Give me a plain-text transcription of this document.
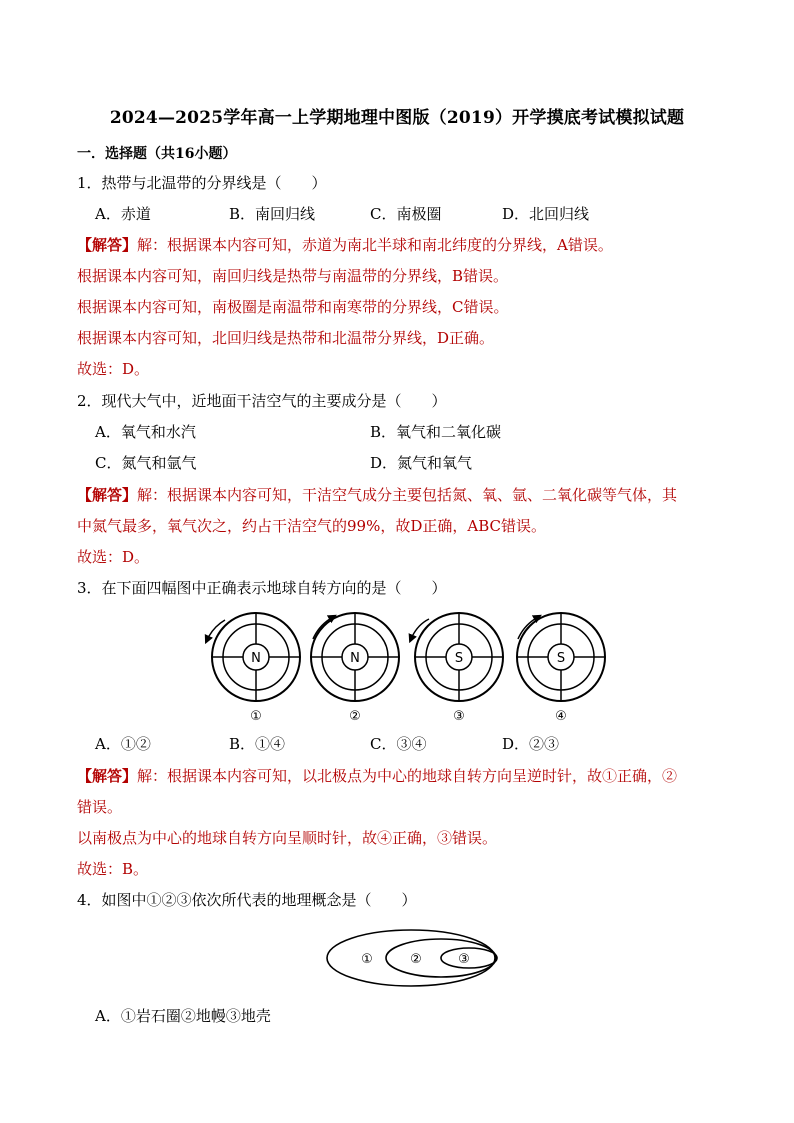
2024—2025学年高一上学期地理中图版（2019）开学摸底考试模拟试题
一．选择题（共16小题）
1．热带与北温带的分界线是（　　）
A．赤道	B．南回归线	C．南极圈	D．北回归线
【解答】解：根据课本内容可知，赤道为南北半球和南北纬度的分界线，A错误。
根据课本内容可知，南回归线是热带与南温带的分界线，B错误。
根据课本内容可知，南极圈是南温带和南寒带的分界线，C错误。
根据课本内容可知，北回归线是热带和北温带分界线，D正确。
故选：D。
2．现代大气中，近地面干洁空气的主要成分是（　　）
A．氧气和水汽	B．氧气和二氧化碳
C．氮气和氩气	D．氮气和氧气
【解答】解：根据课本内容可知，干洁空气成分主要包括氮、氧、氩、二氧化碳等气体，其
中氮气最多，氧气次之，约占干洁空气的99%，故D正确，ABC错误。
故选：D。
3．在下面四幅图中正确表示地球自转方向的是（　　）
N
①
N
②
S
③
S
④
A．①②	B．①④	C．③④	D．②③
【解答】解：根据课本内容可知，以北极点为中心的地球自转方向呈逆时针，故①正确，②
错误。
以南极点为中心的地球自转方向呈顺时针，故④正确，③错误。
故选：B。
4．如图中①②③依次所代表的地理概念是（　　）
①	②	③
A．①岩石圈②地幔③地壳
